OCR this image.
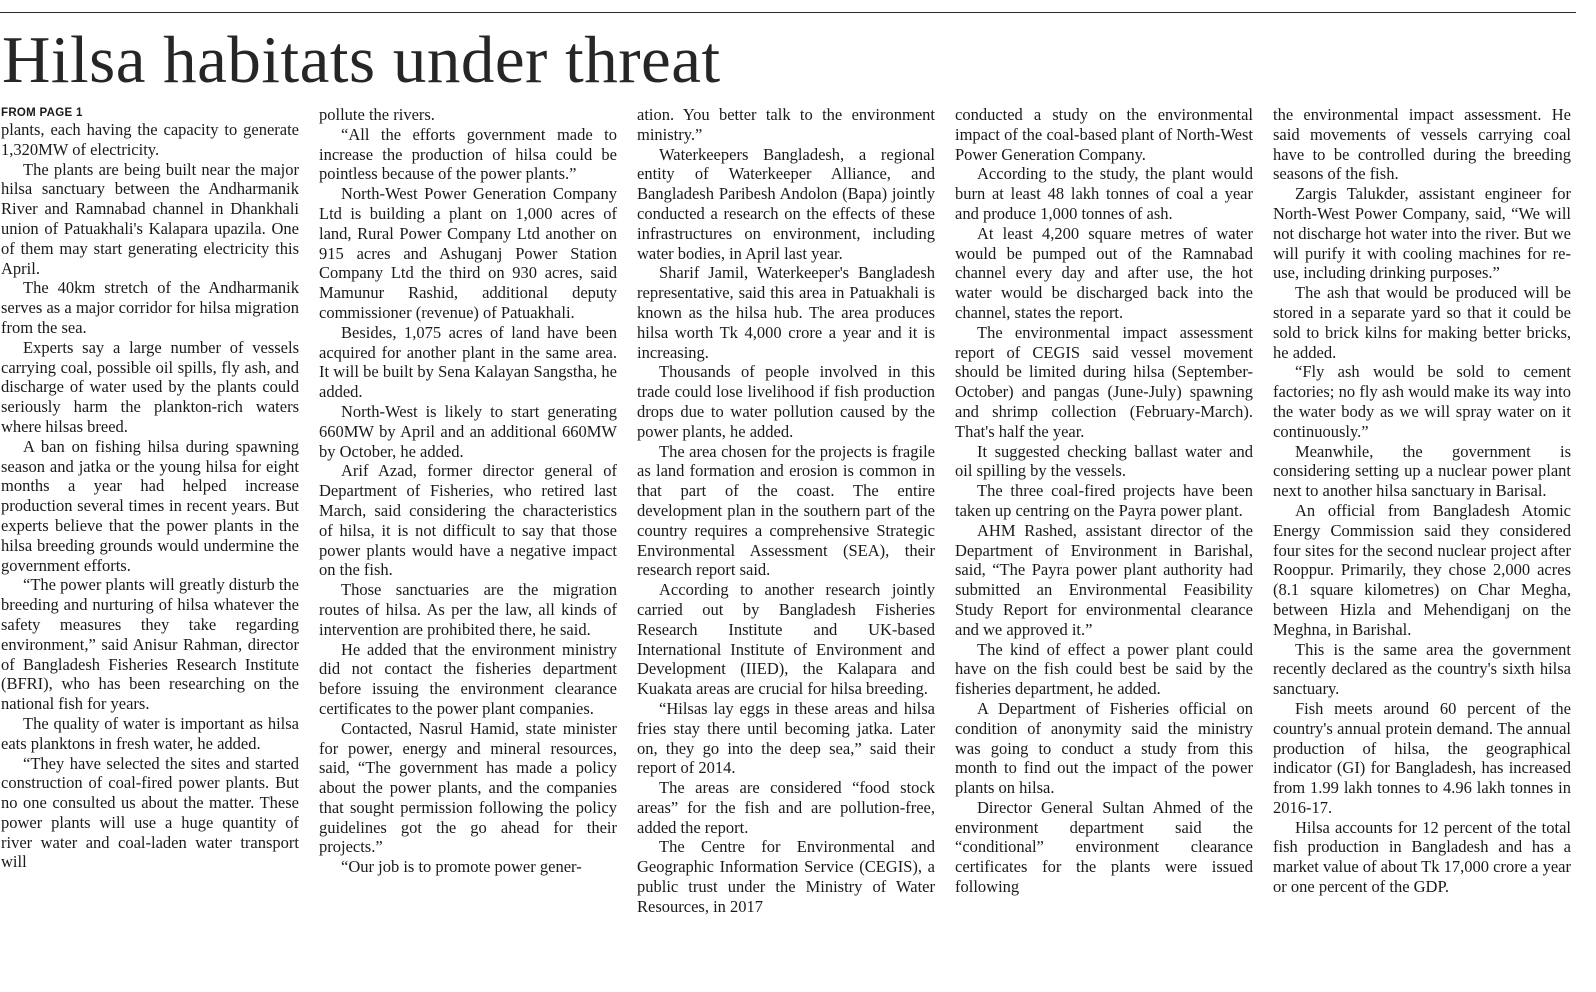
Hilsa habitats under threat
FROM PAGE 1

plants, each having the capacity to generate 1,320MW of electricity.

The plants are being built near the major hilsa sanctuary between the Andharmanik River and Ramnabad channel in Dhankhali union of Patuakhali's Kalapara upazila. One of them may start generating electricity this April.

The 40km stretch of the Andharmanik serves as a major corridor for hilsa migration from the sea.

Experts say a large number of vessels carrying coal, possible oil spills, fly ash, and discharge of water used by the plants could seriously harm the plankton-rich waters where hilsas breed.

A ban on fishing hilsa during spawning season and jatka or the young hilsa for eight months a year had helped increase production several times in recent years. But experts believe that the power plants in the hilsa breeding grounds would undermine the government efforts.

“The power plants will greatly disturb the breeding and nurturing of hilsa whatever the safety measures they take regarding environment,” said Anisur Rahman, director of Bangladesh Fisheries Research Institute (BFRI), who has been researching on the national fish for years.

The quality of water is important as hilsa eats planktons in fresh water, he added.

“They have selected the sites and started construction of coal-fired power plants. But no one consulted us about the matter. These power plants will use a huge quantity of river water and coal-laden water transport will

pollute the rivers.

“All the efforts government made to increase the production of hilsa could be pointless because of the power plants.”

North-West Power Generation Company Ltd is building a plant on 1,000 acres of land, Rural Power Company Ltd another on 915 acres and Ashuganj Power Station Company Ltd the third on 930 acres, said Mamunur Rashid, additional deputy commissioner (revenue) of Patuakhali.

Besides, 1,075 acres of land have been acquired for another plant in the same area. It will be built by Sena Kalayan Sangstha, he added.

North-West is likely to start generating 660MW by April and an additional 660MW by October, he added.

Arif Azad, former director general of Department of Fisheries, who retired last March, said considering the characteristics of hilsa, it is not difficult to say that those power plants would have a negative impact on the fish.

Those sanctuaries are the migration routes of hilsa. As per the law, all kinds of intervention are prohibited there, he said.

He added that the environment ministry did not contact the fisheries department before issuing the environment clearance certificates to the power plant companies.

Contacted, Nasrul Hamid, state minister for power, energy and mineral resources, said, “The government has made a policy about the power plants, and the companies that sought permission following the policy guidelines got the go ahead for their projects.”

“Our job is to promote power gener-

ation. You better talk to the environment ministry.”

Waterkeepers Bangladesh, a regional entity of Waterkeeper Alliance, and Bangladesh Paribesh Andolon (Bapa) jointly conducted a research on the effects of these infrastructures on environment, including water bodies, in April last year.

Sharif Jamil, Waterkeeper's Bangladesh representative, said this area in Patuakhali is known as the hilsa hub. The area produces hilsa worth Tk 4,000 crore a year and it is increasing.

Thousands of people involved in this trade could lose livelihood if fish production drops due to water pollution caused by the power plants, he added.

The area chosen for the projects is fragile as land formation and erosion is common in that part of the coast. The entire development plan in the southern part of the country requires a comprehensive Strategic Environmental Assessment (SEA), their research report said.

According to another research jointly carried out by Bangladesh Fisheries Research Institute and UK-based International Institute of Environment and Development (IIED), the Kalapara and Kuakata areas are crucial for hilsa breeding.

“Hilsas lay eggs in these areas and hilsa fries stay there until becoming jatka. Later on, they go into the deep sea,” said their report of 2014.

The areas are considered “food stock areas” for the fish and are pollution-free, added the report.

The Centre for Environmental and Geographic Information Service (CEGIS), a public trust under the Ministry of Water Resources, in 2017

conducted a study on the environmental impact of the coal-based plant of North-West Power Generation Company.

According to the study, the plant would burn at least 48 lakh tonnes of coal a year and produce 1,000 tonnes of ash.

At least 4,200 square metres of water would be pumped out of the Ramnabad channel every day and after use, the hot water would be discharged back into the channel, states the report.

The environmental impact assessment report of CEGIS said vessel movement should be limited during hilsa (September-October) and pangas (June-July) spawning and shrimp collection (February-March). That's half the year.

It suggested checking ballast water and oil spilling by the vessels.

The three coal-fired projects have been taken up centring on the Payra power plant.

AHM Rashed, assistant director of the Department of Environment in Barishal, said, “The Payra power plant authority had submitted an Environmental Feasibility Study Report for environmental clearance and we approved it.”

The kind of effect a power plant could have on the fish could best be said by the fisheries department, he added.

A Department of Fisheries official on condition of anonymity said the ministry was going to conduct a study from this month to find out the impact of the power plants on hilsa.

Director General Sultan Ahmed of the environment department said the “conditional” environment clearance certificates for the plants were issued following

the environmental impact assessment. He said movements of vessels carrying coal have to be controlled during the breeding seasons of the fish.

Zargis Talukder, assistant engineer for North-West Power Company, said, “We will not discharge hot water into the river. But we will purify it with cooling machines for re-use, including drinking purposes.”

The ash that would be produced will be stored in a separate yard so that it could be sold to brick kilns for making better bricks, he added.

“Fly ash would be sold to cement factories; no fly ash would make its way into the water body as we will spray water on it continuously.”

Meanwhile, the government is considering setting up a nuclear power plant next to another hilsa sanctuary in Barisal.

An official from Bangladesh Atomic Energy Commission said they considered four sites for the second nuclear project after Rooppur. Primarily, they chose 2,000 acres (8.1 square kilometres) on Char Megha, between Hizla and Mehendiganj on the Meghna, in Barishal.

This is the same area the government recently declared as the country's sixth hilsa sanctuary.

Fish meets around 60 percent of the country's annual protein demand. The annual production of hilsa, the geographical indicator (GI) for Bangladesh, has increased from 1.99 lakh tonnes to 4.96 lakh tonnes in 2016-17.

Hilsa accounts for 12 percent of the total fish production in Bangladesh and has a market value of about Tk 17,000 crore a year or one percent of the GDP.
